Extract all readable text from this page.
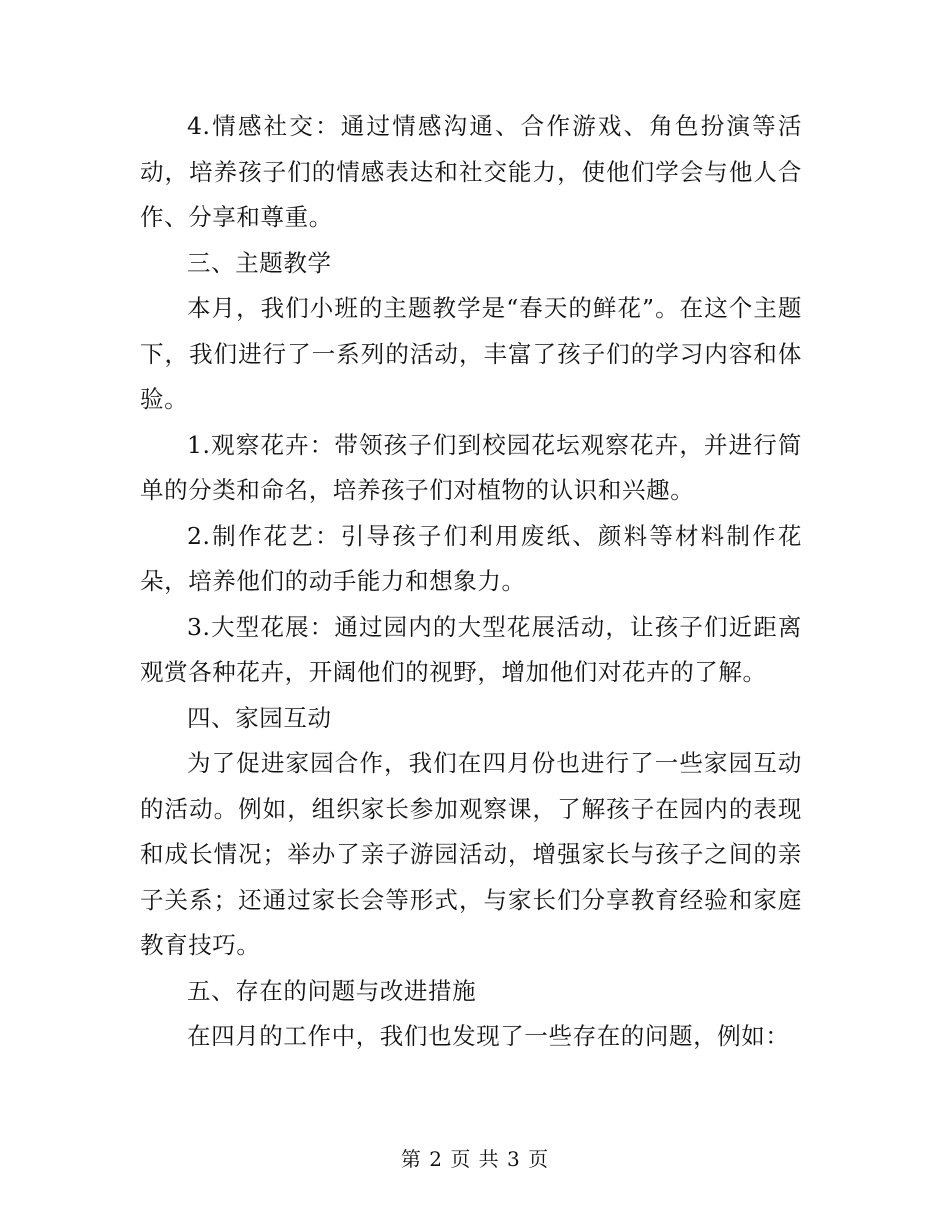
4.情感社交：通过情感沟通、合作游戏、角色扮演等活动，培养孩子们的情感表达和社交能力，使他们学会与他人合作、分享和尊重。

三、主题教学

本月，我们小班的主题教学是“春天的鲜花”。在这个主题下，我们进行了一系列的活动，丰富了孩子们的学习内容和体验。

1.观察花卉：带领孩子们到校园花坛观察花卉，并进行简单的分类和命名，培养孩子们对植物的认识和兴趣。

2.制作花艺：引导孩子们利用废纸、颜料等材料制作花朵，培养他们的动手能力和想象力。

3.大型花展：通过园内的大型花展活动，让孩子们近距离观赏各种花卉，开阔他们的视野，增加他们对花卉的了解。

四、家园互动

为了促进家园合作，我们在四月份也进行了一些家园互动的活动。例如，组织家长参加观察课，了解孩子在园内的表现和成长情况；举办了亲子游园活动，增强家长与孩子之间的亲子关系；还通过家长会等形式，与家长们分享教育经验和家庭教育技巧。

五、存在的问题与改进措施

在四月的工作中，我们也发现了一些存在的问题，例如：

第 2 页 共 3 页
